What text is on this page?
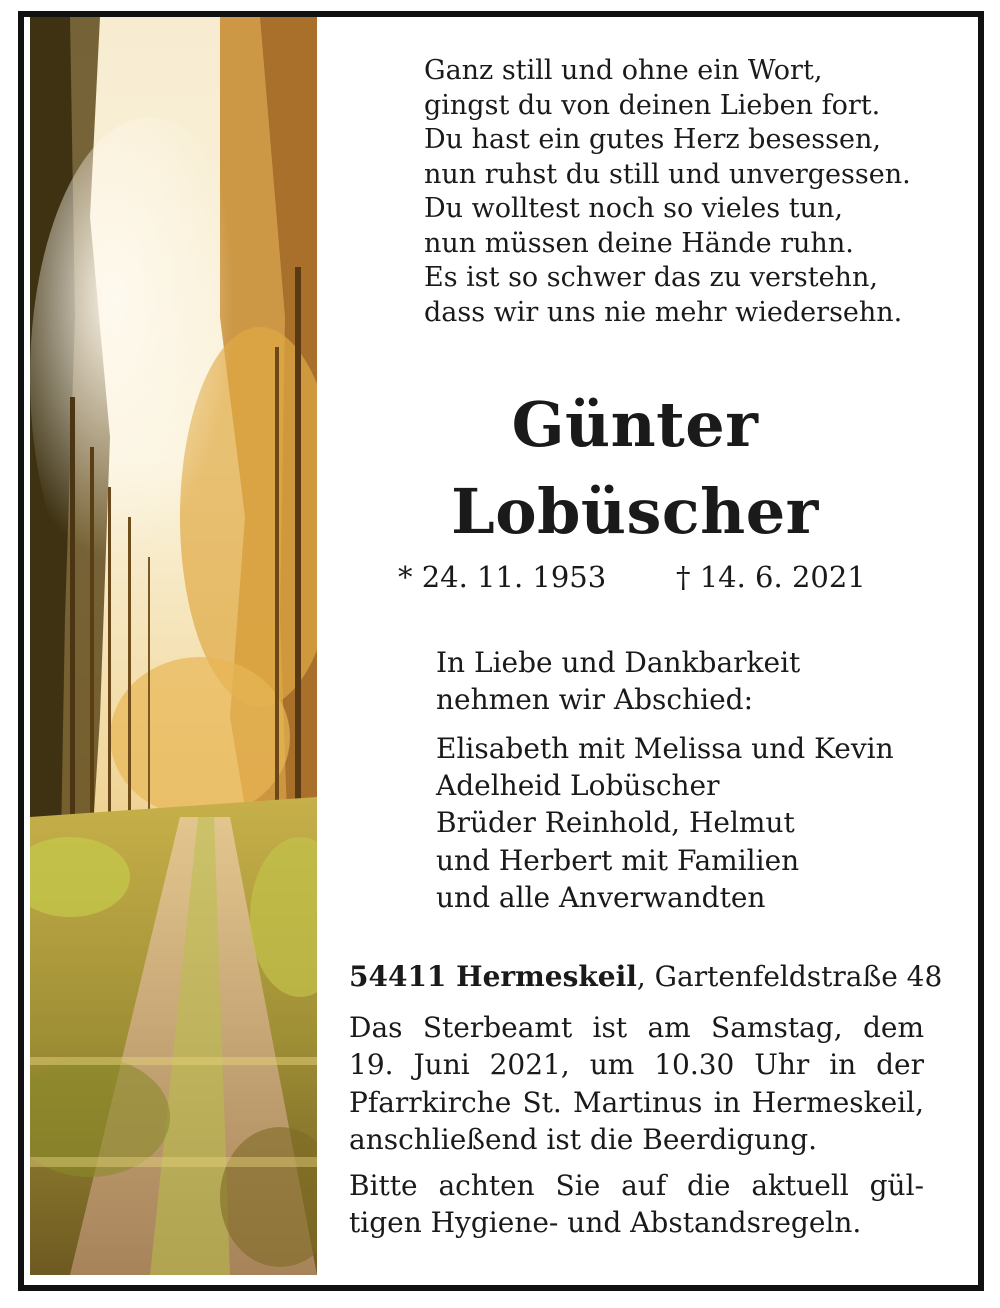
Ganz still und ohne ein Wort,
gingst du von deinen Lieben fort.
Du hast ein gutes Herz besessen,
nun ruhst du still und unvergessen.
Du wolltest noch so vieles tun,
nun müssen deine Hände ruhn.
Es ist so schwer das zu verstehn,
dass wir uns nie mehr wiedersehn.
Günter
Lobüscher
* 24. 11. 1953 † 14. 6. 2021
In Liebe und Dankbarkeit
nehmen wir Abschied:
Elisabeth mit Melissa und Kevin
Adelheid Lobüscher
Brüder Reinhold, Helmut
und Herbert mit Familien
und alle Anverwandten
54411 Hermeskeil, Gartenfeldstraße 48
Das Sterbeamt ist am Samstag, dem
19. Juni 2021, um 10.30 Uhr in der
Pfarrkirche St. Martinus in Hermeskeil,
anschließend ist die Beerdigung.
Bitte achten Sie auf die aktuell gül-
tigen Hygiene- und Abstandsregeln.
